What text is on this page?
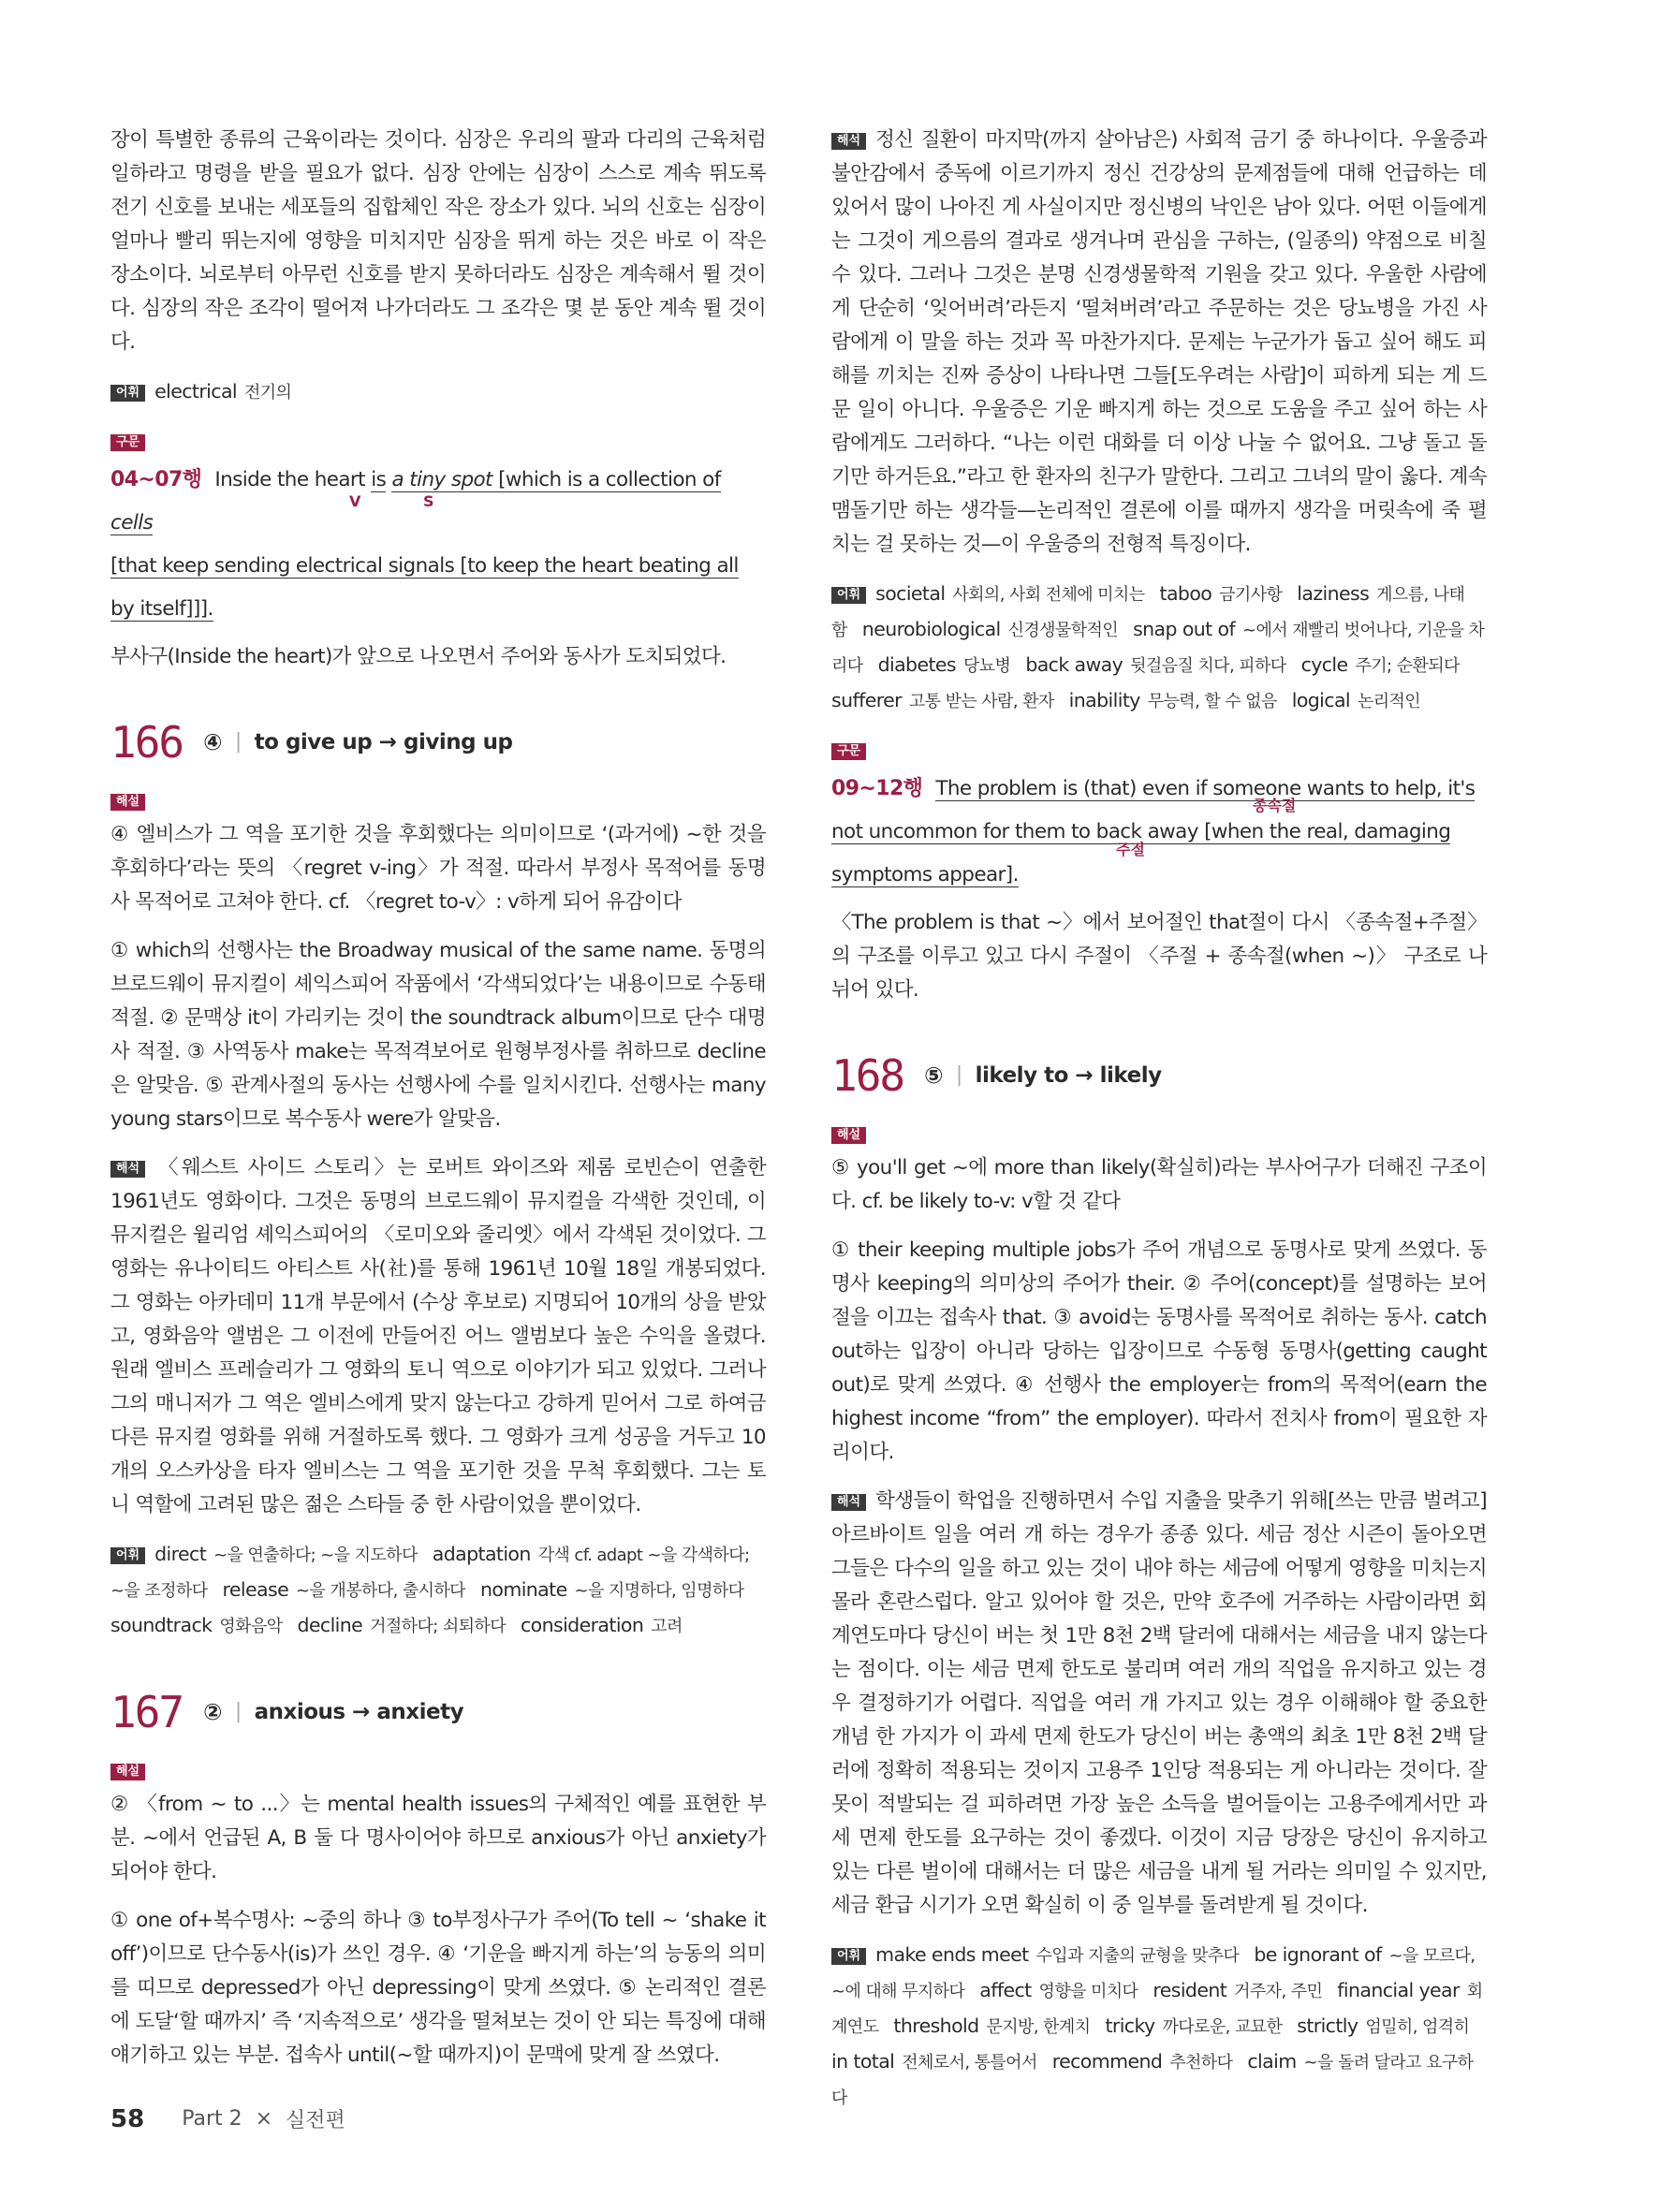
장이 특별한 종류의 근육이라는 것이다. 심장은 우리의 팔과 다리의 근육처럼 일하라고 명령을 받을 필요가 없다. 심장 안에는 심장이 스스로 계속 뛰도록 전기 신호를 보내는 세포들의 집합체인 작은 장소가 있다. 뇌의 신호는 심장이 얼마나 빨리 뛰는지에 영향을 미치지만 심장을 뛰게 하는 것은 바로 이 작은 장소이다. 뇌로부터 아무런 신호를 받지 못하더라도 심장은 계속해서 뛸 것이다. 심장의 작은 조각이 떨어져 나가더라도 그 조각은 몇 분 동안 계속 뛸 것이다.

어휘 electrical 전기의
구문
04~07행 Inside the heart is a tiny spot [which is a collection of cells
[that keep sending electrical signals [to keep the heart beating all by itself]]].
V	S

부사구(Inside the heart)가 앞으로 나오면서 주어와 동사가 도치되었다.

166 ④ | to give up → giving up
해설

④ 엘비스가 그 역을 포기한 것을 후회했다는 의미이므로 ‘(과거에) ~한 것을 후회하다’라는 뜻의 〈regret v-ing〉가 적절. 따라서 부정사 목적어를 동명사 목적어로 고쳐야 한다. cf. 〈regret to-v〉: v하게 되어 유감이다

① which의 선행사는 the Broadway musical of the same name. 동명의 브로드웨이 뮤지컬이 셰익스피어 작품에서 ‘각색되었다’는 내용이므로 수동태 적절. ② 문맥상 it이 가리키는 것이 the soundtrack album이므로 단수 대명사 적절. ③ 사역동사 make는 목적격보어로 원형부정사를 취하므로 decline은 알맞음. ⑤ 관계사절의 동사는 선행사에 수를 일치시킨다. 선행사는 many young stars이므로 복수동사 were가 알맞음.

해석 〈웨스트 사이드 스토리〉는 로버트 와이즈와 제롬 로빈슨이 연출한 1961년도 영화이다. 그것은 동명의 브로드웨이 뮤지컬을 각색한 것인데, 이 뮤지컬은 윌리엄 셰익스피어의 〈로미오와 줄리엣〉에서 각색된 것이었다. 그 영화는 유나이티드 아티스트 사(社)를 통해 1961년 10월 18일 개봉되었다. 그 영화는 아카데미 11개 부문에서 (수상 후보로) 지명되어 10개의 상을 받았고, 영화음악 앨범은 그 이전에 만들어진 어느 앨범보다 높은 수익을 올렸다. 원래 엘비스 프레슬리가 그 영화의 토니 역으로 이야기가 되고 있었다. 그러나 그의 매니저가 그 역은 엘비스에게 맞지 않는다고 강하게 믿어서 그로 하여금 다른 뮤지컬 영화를 위해 거절하도록 했다. 그 영화가 크게 성공을 거두고 10개의 오스카상을 타자 엘비스는 그 역을 포기한 것을 무척 후회했다. 그는 토니 역할에 고려된 많은 젊은 스타들 중 한 사람이었을 뿐이었다.

어휘 direct ~을 연출하다; ~을 지도하다 adaptation 각색 cf. adapt ~을 각색하다; ~을 조정하다 release ~을 개봉하다, 출시하다 nominate ~을 지명하다, 임명하다soundtrack 영화음악 decline 거절하다; 쇠퇴하다 consideration 고려
167 ② | anxious → anxiety
해설

② 〈from ~ to ...〉는 mental health issues의 구체적인 예를 표현한 부분. ~에서 언급된 A, B 둘 다 명사이어야 하므로 anxious가 아닌 anxiety가 되어야 한다.

① one of+복수명사: ~중의 하나 ③ to부정사구가 주어(To tell ~ ‘shake it off’)이므로 단수동사(is)가 쓰인 경우. ④ ‘기운을 빠지게 하는’의 능동의 의미를 띠므로 depressed가 아닌 depressing이 맞게 쓰였다. ⑤ 논리적인 결론에 도달‘할 때까지’ 즉 ‘지속적으로’ 생각을 떨쳐보는 것이 안 되는 특징에 대해 얘기하고 있는 부분. 접속사 until(~할 때까지)이 문맥에 맞게 잘 쓰였다.

해석 정신 질환이 마지막(까지 살아남은) 사회적 금기 중 하나이다. 우울증과 불안감에서 중독에 이르기까지 정신 건강상의 문제점들에 대해 언급하는 데 있어서 많이 나아진 게 사실이지만 정신병의 낙인은 남아 있다. 어떤 이들에게는 그것이 게으름의 결과로 생겨나며 관심을 구하는, (일종의) 약점으로 비칠 수 있다. 그러나 그것은 분명 신경생물학적 기원을 갖고 있다. 우울한 사람에게 단순히 ‘잊어버려’라든지 ‘떨쳐버려’라고 주문하는 것은 당뇨병을 가진 사람에게 이 말을 하는 것과 꼭 마찬가지다. 문제는 누군가가 돕고 싶어 해도 피해를 끼치는 진짜 증상이 나타나면 그들[도우려는 사람]이 피하게 되는 게 드문 일이 아니다. 우울증은 기운 빠지게 하는 것으로 도움을 주고 싶어 하는 사람에게도 그러하다. “나는 이런 대화를 더 이상 나눌 수 없어요. 그냥 돌고 돌기만 하거든요.”라고 한 환자의 친구가 말한다. 그리고 그녀의 말이 옳다. 계속 맴돌기만 하는 생각들—논리적인 결론에 이를 때까지 생각을 머릿속에 죽 펼치는 걸 못하는 것—이 우울증의 전형적 특징이다.

어휘 societal 사회의, 사회 전체에 미치는 taboo 금기사항 laziness 게으름, 나태함 neurobiological 신경생물학적인 snap out of ~에서 재빨리 벗어나다, 기운을 차리다 diabetes 당뇨병 back away 뒷걸음질 치다, 피하다 cycle 주기; 순환되다sufferer 고통 받는 사람, 환자 inability 무능력, 할 수 없음 logical 논리적인
구문
09~12행 The problem is (that) even if someone wants to help, it's not uncommon for them to back away [when the real, damaging symptoms appear].
종속절
주절

〈The problem is that ~〉에서 보어절인 that절이 다시 〈종속절+주절〉의 구조를 이루고 있고 다시 주절이 〈주절 + 종속절(when ~)〉 구조로 나뉘어 있다.

168 ⑤ | likely to → likely
해설

⑤ you'll get ~에 more than likely(확실히)라는 부사어구가 더해진 구조이다. cf. be likely to-v: v할 것 같다

① their keeping multiple jobs가 주어 개념으로 동명사로 맞게 쓰였다. 동명사 keeping의 의미상의 주어가 their. ② 주어(concept)를 설명하는 보어절을 이끄는 접속사 that. ③ avoid는 동명사를 목적어로 취하는 동사. catch out하는 입장이 아니라 당하는 입장이므로 수동형 동명사(getting caught out)로 맞게 쓰였다. ④ 선행사 the employer는 from의 목적어(earn the highest income “from” the employer). 따라서 전치사 from이 필요한 자리이다.

해석 학생들이 학업을 진행하면서 수입 지출을 맞추기 위해[쓰는 만큼 벌려고] 아르바이트 일을 여러 개 하는 경우가 종종 있다. 세금 정산 시즌이 돌아오면 그들은 다수의 일을 하고 있는 것이 내야 하는 세금에 어떻게 영향을 미치는지 몰라 혼란스럽다. 알고 있어야 할 것은, 만약 호주에 거주하는 사람이라면 회계연도마다 당신이 버는 첫 1만 8천 2백 달러에 대해서는 세금을 내지 않는다는 점이다. 이는 세금 면제 한도로 불리며 여러 개의 직업을 유지하고 있는 경우 결정하기가 어렵다. 직업을 여러 개 가지고 있는 경우 이해해야 할 중요한 개념 한 가지가 이 과세 면제 한도가 당신이 버는 총액의 최초 1만 8천 2백 달러에 정확히 적용되는 것이지 고용주 1인당 적용되는 게 아니라는 것이다. 잘못이 적발되는 걸 피하려면 가장 높은 소득을 벌어들이는 고용주에게서만 과세 면제 한도를 요구하는 것이 좋겠다. 이것이 지금 당장은 당신이 유지하고 있는 다른 벌이에 대해서는 더 많은 세금을 내게 될 거라는 의미일 수 있지만, 세금 환급 시기가 오면 확실히 이 중 일부를 돌려받게 될 것이다.

어휘 make ends meet 수입과 지출의 균형을 맞추다 be ignorant of ~을 모르다, ~에 대해 무지하다 affect 영향을 미치다 resident 거주자, 주민 financial year 회계연도 threshold 문지방, 한계치 tricky 까다로운, 교묘한 strictly 엄밀히, 엄격히in total 전체로서, 통틀어서 recommend 추천하다 claim ~을 돌려 달라고 요구하다
58 Part 2 × 실전편
